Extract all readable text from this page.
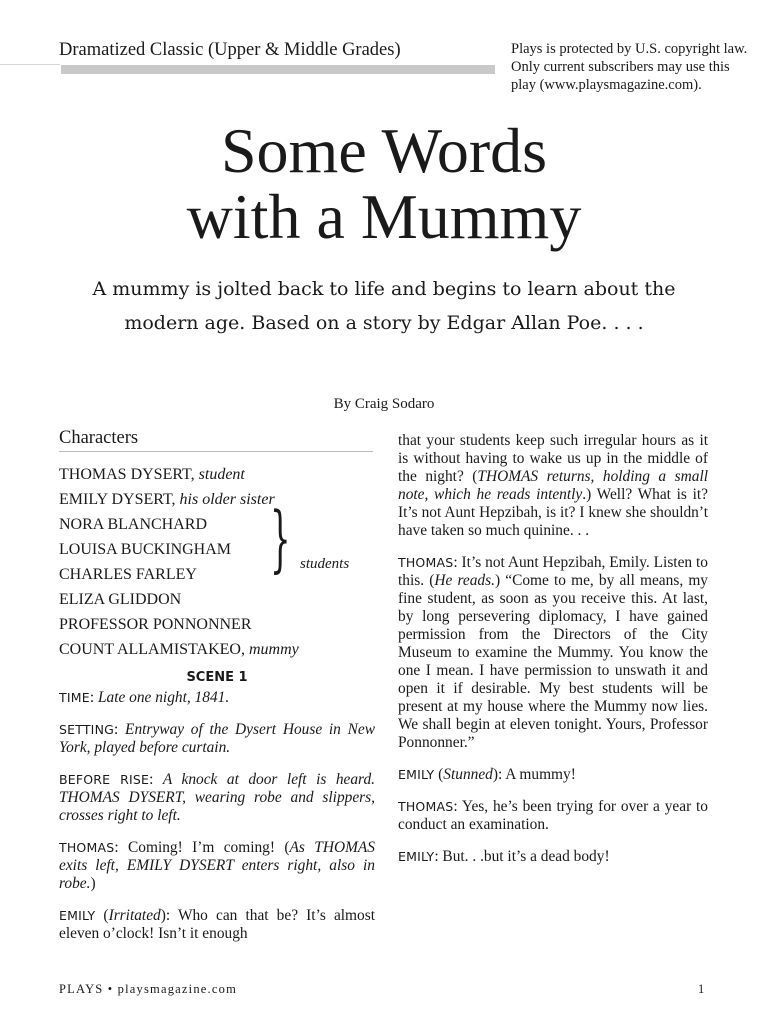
Dramatized Classic (Upper & Middle Grades)	Plays is protected by U.S. copyright law. Only current subscribers may use this play (www.playsmagazine.com).
Some Words
with a Mummy
A mummy is jolted back to life and begins to learn about the modern age. Based on a story by Edgar Allan Poe. . . .
By Craig Sodaro
Characters
THOMAS DYSERT, student
EMILY DYSERT, his older sister
NORA BLANCHARD
LOUISA BUCKINGHAM
CHARLES FARLEY
ELIZA GLIDDON
PROFESSOR PONNONNER
COUNT ALLAMISTAKEO, mummy
SCENE 1

TIME: Late one night, 1841.

SETTING: Entryway of the Dysert House in New York, played before curtain.

BEFORE RISE: A knock at door left is heard. THOMAS DYSERT, wearing robe and slippers, crosses right to left.

THOMAS: Coming! I’m coming! (As THOMAS exits left, EMILY DYSERT enters right, also in robe.)

EMILY (Irritated): Who can that be? It’s almost eleven o’clock! Isn’t it enough

} students

that your students keep such irregular hours as it is without having to wake us up in the middle of the night? (THOMAS returns, holding a small note, which he reads intently.) Well? What is it? It’s not Aunt Hepzibah, is it? I knew she shouldn’t have taken so much quinine. . .

THOMAS: It’s not Aunt Hepzibah, Emily. Listen to this. (He reads.) “Come to me, by all means, my fine student, as soon as you receive this. At last, by long persevering diplomacy, I have gained permission from the Directors of the City Museum to examine the Mummy. You know the one I mean. I have permission to unswath it and open it if desirable. My best students will be present at my house where the Mummy now lies. We shall begin at eleven tonight. Yours, Professor Ponnonner.”

EMILY (Stunned): A mummy!

THOMAS: Yes, he’s been trying for over a year to conduct an examination.

EMILY: But. . .but it’s a dead body!

PLAYS • playsmagazine.com	1
